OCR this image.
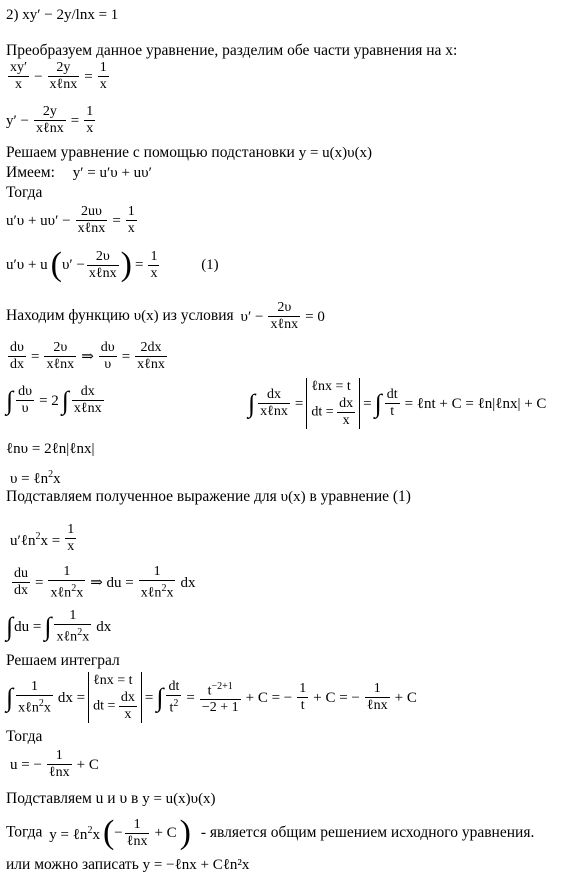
2) xy′ − 2y/lnx = 1
Преобразуем данное уравнение, разделим обе части уравнения на x:
$\frac{xy'}{x} - \frac{2y}{\text{xℓnx}} = \frac{1}{x}$
$y' - \frac{2y}{\text{xℓnx}} = \frac{1}{x}$
Решаем уравнение с помощью подстановки y = u(x)υ(x)
Имеем: y′ = u′υ + uυ′
Тогда
$u'\upsilon + u\upsilon' - \frac{2u\upsilon}{\text{xℓnx}} = \frac{1}{x}$
$u'\upsilon + u(\upsilon' - \frac{2\upsilon}{\text{xℓnx}}$ ) = $\frac{1}{x}$	(1)
Находим функцию υ(x) из условия $\upsilon' - \frac{2\upsilon}{\text{xℓnx}} = 0$
$\frac{d\upsilon}{dx} = \frac{2\upsilon}{\text{xℓnx}}$ ⇒ $\frac{d\upsilon}{\upsilon} = \frac{2dx}{\text{xℓnx}}$
∫ $\frac{d\upsilon}{\upsilon} = 2$ ∫ $\frac{dx}{\text{xℓnx}}$	∫ $\frac{dx}{\text{xℓnx}}$ =
ℓnx = t
dt = $\frac{dx}{x}$ = ∫ $\frac{dt}{t}$ = ℓnt + C = ℓn|ℓnx| + C
ℓnυ = 2ℓn|ℓnx|
υ = ℓn$^2$x
Подставляем полученное выражение для υ(x) в уравнение (1)
u′ℓn$^2$x = $\frac{1}{x}$
$\frac{du}{dx} = \frac{1}{x\ell n^2x}$ ⇒ du = $\frac{1}{x\ell n^2x}$ dx
∫du = ∫ $\frac{1}{x\ell n^2x}$ dx
Решаем интеграл
∫ $\frac{1}{x\ell n^2x}$ dx =
ℓnx = t
dt = $\frac{dx}{x}$ = ∫ $\frac{dt}{t^2} = \frac{t^{-2+1}}{-2 + 1} + C$ = − $\frac{1}{t} + C$ = − $\frac{1}{\text{ℓnx}} + C$
Тогда
u = − $\frac{1}{\text{ℓnx}} + C$
Подставляем u и υ в y = u(x)υ(x)
Тогда y = ℓn$^2$x(− $\frac{1}{\text{ℓnx}} + C$) - является общим решением исходного уравнения.
или можно записать y = −ℓnx + Cℓn²x
